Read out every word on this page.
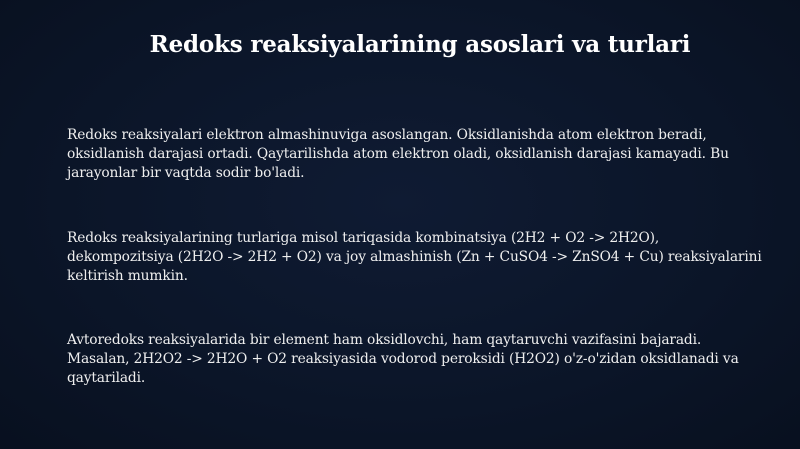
Redoks reaksiyalarining asoslari va turlari
Redoks reaksiyalari elektron almashinuviga asoslangan. Oksidlanishda atom elektron beradi, oksidlanish darajasi ortadi. Qaytarilishda atom elektron oladi, oksidlanish darajasi kamayadi. Bu jarayonlar bir vaqtda sodir bo'ladi.
Redoks reaksiyalarining turlariga misol tariqasida kombinatsiya (2H2 + O2 -> 2H2O), dekompozitsiya (2H2O -> 2H2 + O2) va joy almashinish (Zn + CuSO4 -> ZnSO4 + Cu) reaksiyalarini keltirish mumkin.
Avtoredoks reaksiyalarida bir element ham oksidlovchi, ham qaytaruvchi vazifasini bajaradi. Masalan, 2H2O2 -> 2H2O + O2 reaksiyasida vodorod peroksidi (H2O2) o'z-o'zidan oksidlanadi va qaytariladi.
